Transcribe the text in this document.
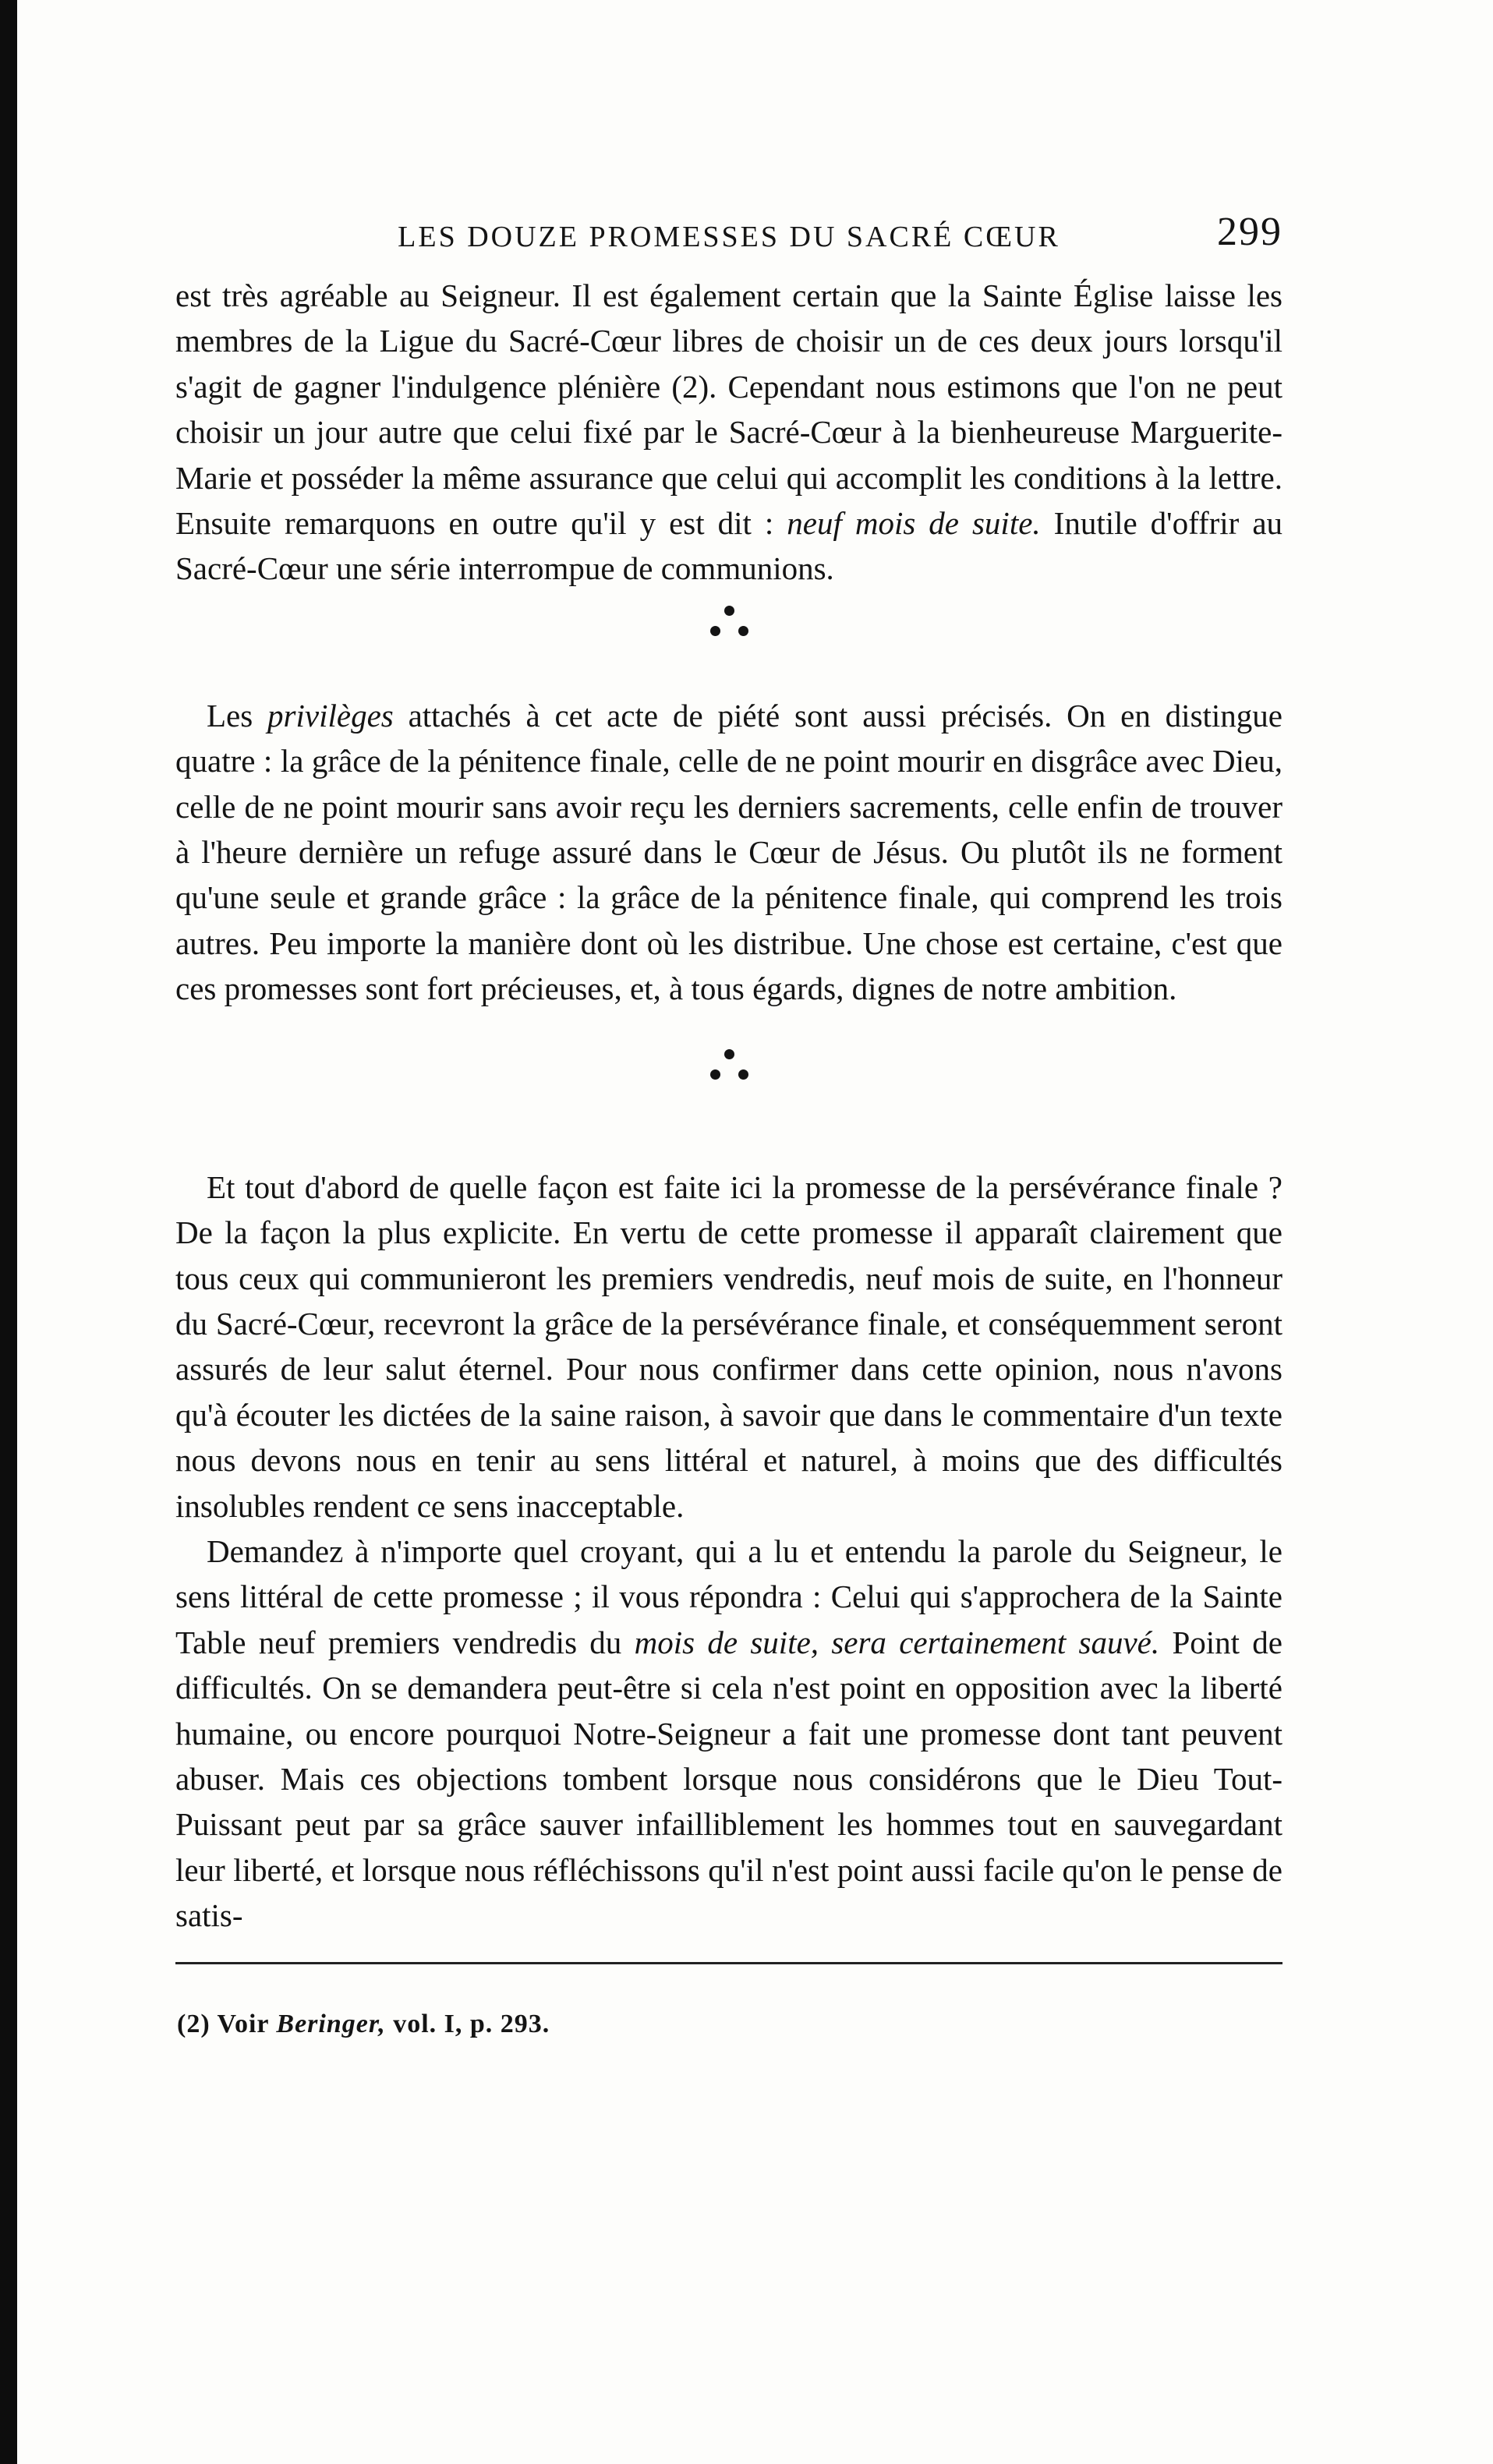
LES DOUZE PROMESSES DU SACRÉ CŒUR	299

est très agréable au Seigneur. Il est également certain que la Sainte Église laisse les membres de la Ligue du Sacré-Cœur libres de choisir un de ces deux jours lorsqu'il s'agit de gagner l'indulgence plénière (2). Cependant nous estimons que l'on ne peut choisir un jour autre que celui fixé par le Sacré-Cœur à la bienheureuse Marguerite-Marie et posséder la même assurance que celui qui accomplit les conditions à la lettre. Ensuite remarquons en outre qu'il y est dit : neuf mois de suite. Inutile d'offrir au Sacré-Cœur une série interrompue de communions.

Les privilèges attachés à cet acte de piété sont aussi précisés. On en distingue quatre : la grâce de la pénitence finale, celle de ne point mourir en disgrâce avec Dieu, celle de ne point mourir sans avoir reçu les derniers sacrements, celle enfin de trouver à l'heure dernière un refuge assuré dans le Cœur de Jésus. Ou plutôt ils ne forment qu'une seule et grande grâce : la grâce de la pénitence finale, qui comprend les trois autres. Peu importe la manière dont où les distribue. Une chose est certaine, c'est que ces promesses sont fort précieuses, et, à tous égards, dignes de notre ambition.

Et tout d'abord de quelle façon est faite ici la promesse de la persévérance finale ? De la façon la plus explicite. En vertu de cette promesse il apparaît clairement que tous ceux qui communieront les premiers vendredis, neuf mois de suite, en l'honneur du Sacré-Cœur, recevront la grâce de la persévérance finale, et conséquemment seront assurés de leur salut éternel. Pour nous confirmer dans cette opinion, nous n'avons qu'à écouter les dictées de la saine raison, à savoir que dans le commentaire d'un texte nous devons nous en tenir au sens littéral et naturel, à moins que des difficultés insolubles rendent ce sens inacceptable.

Demandez à n'importe quel croyant, qui a lu et entendu la parole du Seigneur, le sens littéral de cette promesse ; il vous répondra : Celui qui s'approchera de la Sainte Table neuf premiers vendredis du mois de suite, sera certainement sauvé. Point de difficultés. On se demandera peut-être si cela n'est point en opposition avec la liberté humaine, ou encore pourquoi Notre-Seigneur a fait une promesse dont tant peuvent abuser. Mais ces objections tombent lorsque nous considérons que le Dieu Tout-Puissant peut par sa grâce sauver infailliblement les hommes tout en sauvegardant leur liberté, et lorsque nous réfléchissons qu'il n'est point aussi facile qu'on le pense de satis-

(2) Voir Beringer, vol. I, p. 293.
